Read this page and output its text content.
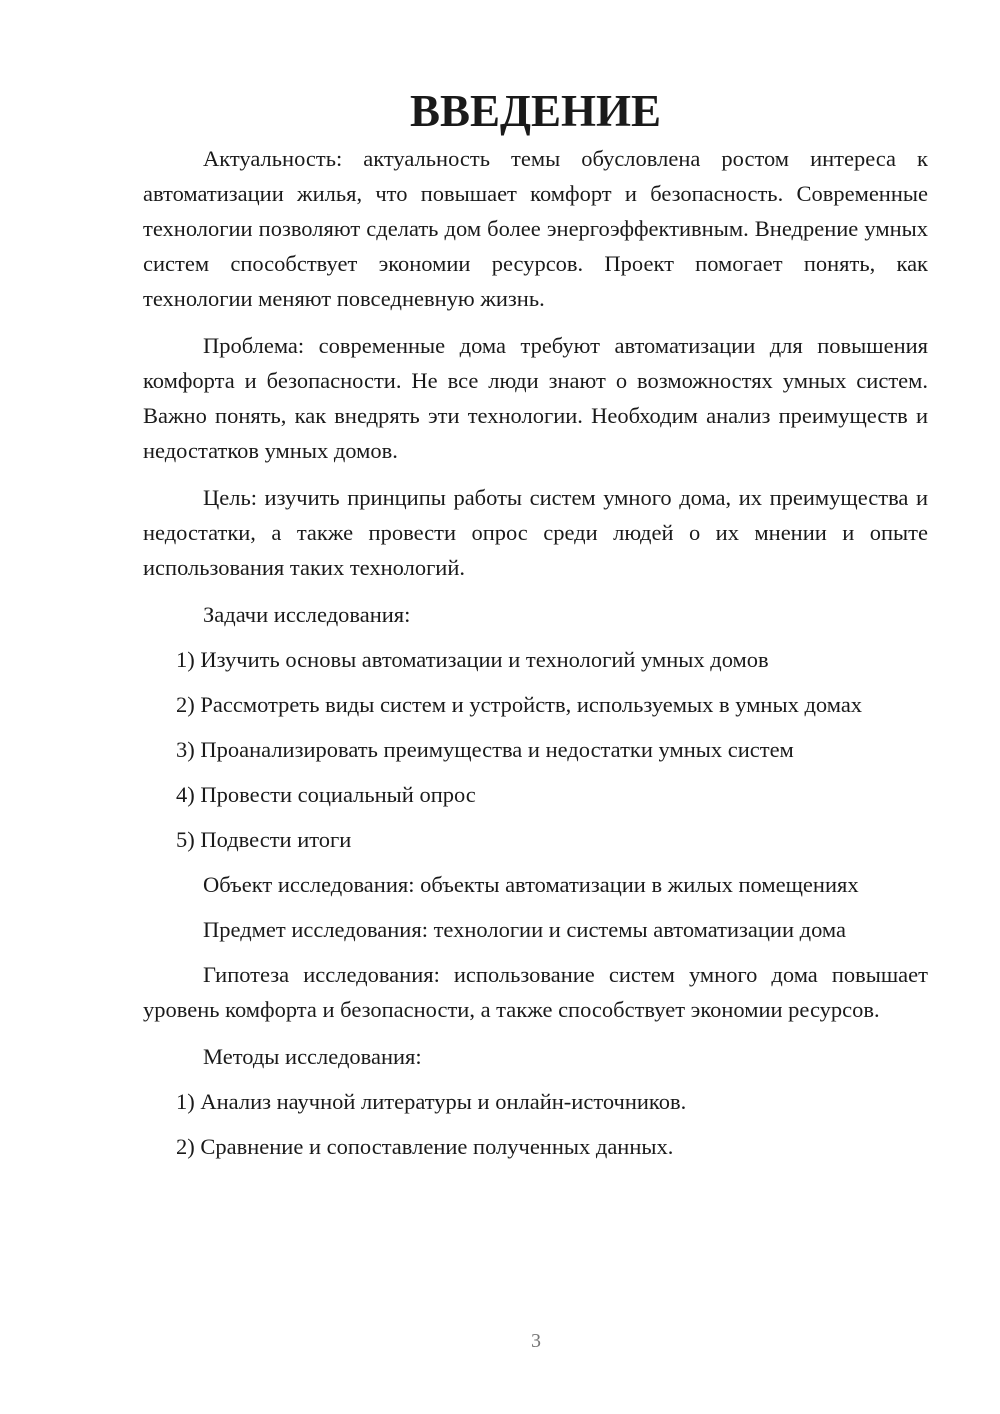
ВВЕДЕНИЕ

Актуальность: актуальность темы обусловлена ростом интереса к автоматизации жилья, что повышает комфорт и безопасность. Современные технологии позволяют сделать дом более энергоэффективным. Внедрение умных систем способствует экономии ресурсов. Проект помогает понять, как технологии меняют повседневную жизнь.

Проблема: современные дома требуют автоматизации для повышения комфорта и безопасности. Не все люди знают о возможностях умных систем. Важно понять, как внедрять эти технологии. Необходим анализ преимуществ и недостатков умных домов.

Цель: изучить принципы работы систем умного дома, их преимущества и недостатки, а также провести опрос среди людей о их мнении и опыте использования таких технологий.

Задачи исследования:

1) Изучить основы автоматизации и технологий умных домов
2) Рассмотреть виды систем и устройств, используемых в умных домах
3) Проанализировать преимущества и недостатки умных систем
4) Провести социальный опрос
5) Подвести итоги

Объект исследования: объекты автоматизации в жилых помещениях

Предмет исследования: технологии и системы автоматизации дома

Гипотеза исследования: использование систем умного дома повышает уровень комфорта и безопасности, а также способствует экономии ресурсов.

Методы исследования:

1) Анализ научной литературы и онлайн-источников.
2) Сравнение и сопоставление полученных данных.
3
